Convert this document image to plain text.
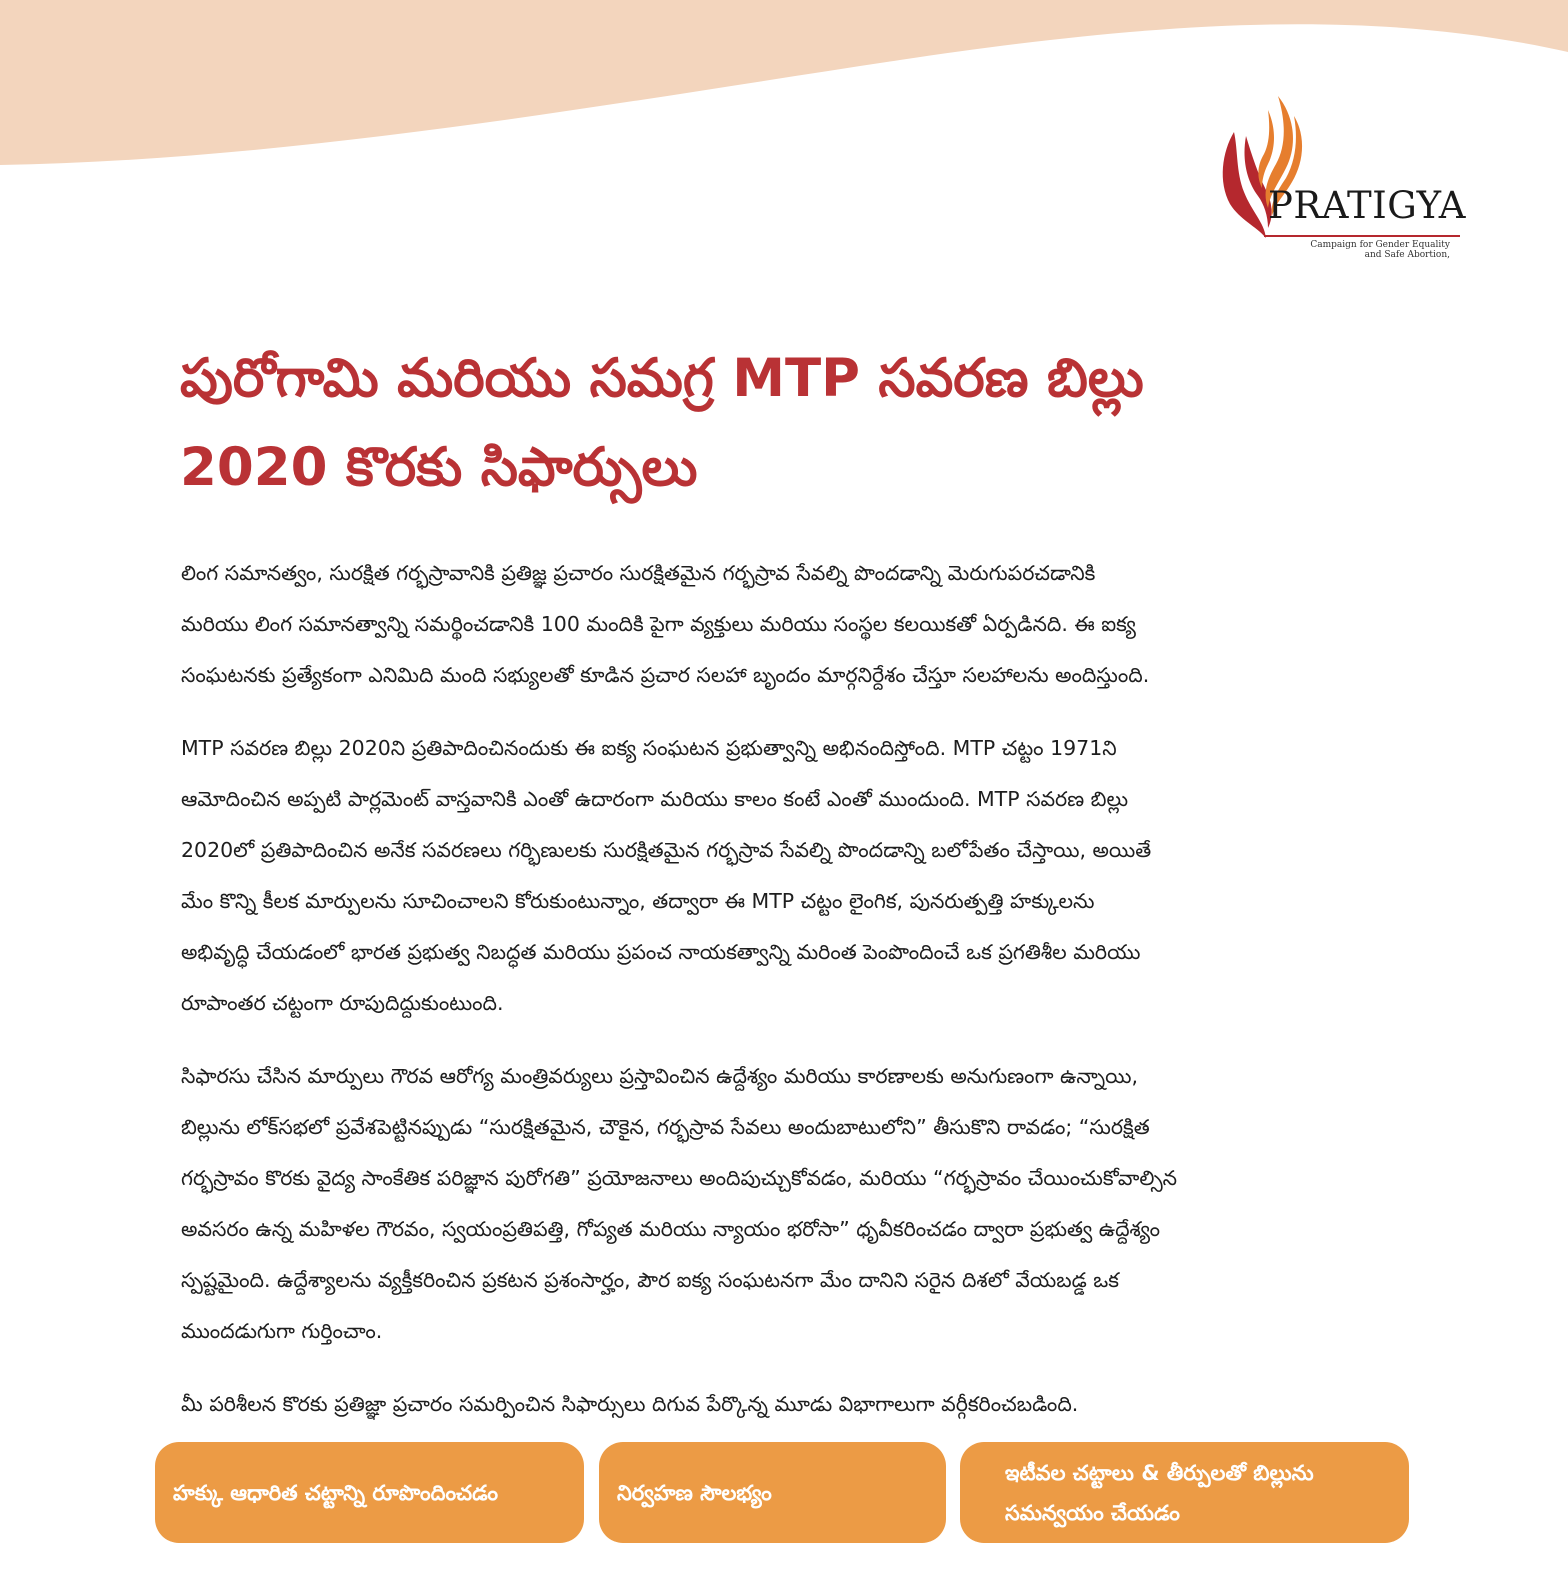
PRATIGYA
Campaign for Gender Equality
and Safe Abortion,
పురోగామి మరియు సమగ్ర MTP సవరణ బిల్లు
2020 కొరకు సిఫార్సులు

లింగ సమానత్వం, సురక్షిత గర్భస్రావానికి ప్రతిజ్ఞ ప్రచారం సురక్షితమైన గర్భస్రావ సేవల్ని పొందడాన్ని మెరుగుపరచడానికి
మరియు లింగ సమానత్వాన్ని సమర్థించడానికి 100 మందికి పైగా వ్యక్తులు మరియు సంస్థల కలయికతో ఏర్పడినది. ఈ ఐక్య
సంఘటనకు ప్రత్యేకంగా ఎనిమిది మంది సభ్యులతో కూడిన ప్రచార సలహా బృందం మార్గనిర్దేశం చేస్తూ సలహాలను అందిస్తుంది.

MTP సవరణ బిల్లు 2020ని ప్రతిపాదించినందుకు ఈ ఐక్య సంఘటన ప్రభుత్వాన్ని అభినందిస్తోంది. MTP చట్టం 1971ని
ఆమోదించిన అప్పటి పార్లమెంట్ వాస్తవానికి ఎంతో ఉదారంగా మరియు కాలం కంటే ఎంతో ముందుంది. MTP సవరణ బిల్లు
2020లో ప్రతిపాదించిన అనేక సవరణలు గర్భిణులకు సురక్షితమైన గర్భస్రావ సేవల్ని పొందడాన్ని బలోపేతం చేస్తాయి, అయితే
మేం కొన్ని కీలక మార్పులను సూచించాలని కోరుకుంటున్నాం, తద్వారా ఈ MTP చట్టం లైంగిక, పునరుత్పత్తి హక్కులను
అభివృద్ధి చేయడంలో భారత ప్రభుత్వ నిబద్ధత మరియు ప్రపంచ నాయకత్వాన్ని మరింత పెంపొందించే ఒక ప్రగతిశీల మరియు
రూపాంతర చట్టంగా రూపుదిద్దుకుంటుంది.

సిఫారసు చేసిన మార్పులు గౌరవ ఆరోగ్య మంత్రివర్యులు ప్రస్తావించిన ఉద్దేశ్యం మరియు కారణాలకు అనుగుణంగా ఉన్నాయి,
బిల్లును లోక్‌సభలో ప్రవేశపెట్టినప్పుడు “సురక్షితమైన, చౌకైన, గర్భస్రావ సేవలు అందుబాటులోని” తీసుకొని రావడం; “సురక్షిత
గర్భస్రావం కొరకు వైద్య సాంకేతిక పరిజ్ఞాన పురోగతి” ప్రయోజనాలు అందిపుచ్చుకోవడం, మరియు “గర్భస్రావం చేయించుకోవాల్సిన
అవసరం ఉన్న మహిళల గౌరవం, స్వయంప్రతిపత్తి, గోప్యత మరియు న్యాయం భరోసా” ధృవీకరించడం ద్వారా ప్రభుత్వ ఉద్దేశ్యం
స్పష్టమైంది. ఉద్దేశ్యాలను వ్యక్తీకరించిన ప్రకటన ప్రశంసార్హం, పౌర ఐక్య సంఘటనగా మేం దానిని సరైన దిశలో వేయబడ్డ ఒక
ముందడుగుగా గుర్తించాం.

మీ పరిశీలన కొరకు ప్రతిజ్ఞా ప్రచారం సమర్పించిన సిఫార్సులు దిగువ పేర్కొన్న మూడు విభాగాలుగా వర్గీకరించబడింది.

హక్కు ఆధారిత చట్టాన్ని రూపొందించడం	నిర్వహణ సౌలభ్యం
ఇటీవల చట్టాలు & తీర్పులతో బిల్లును
సమన్వయం చేయడం
